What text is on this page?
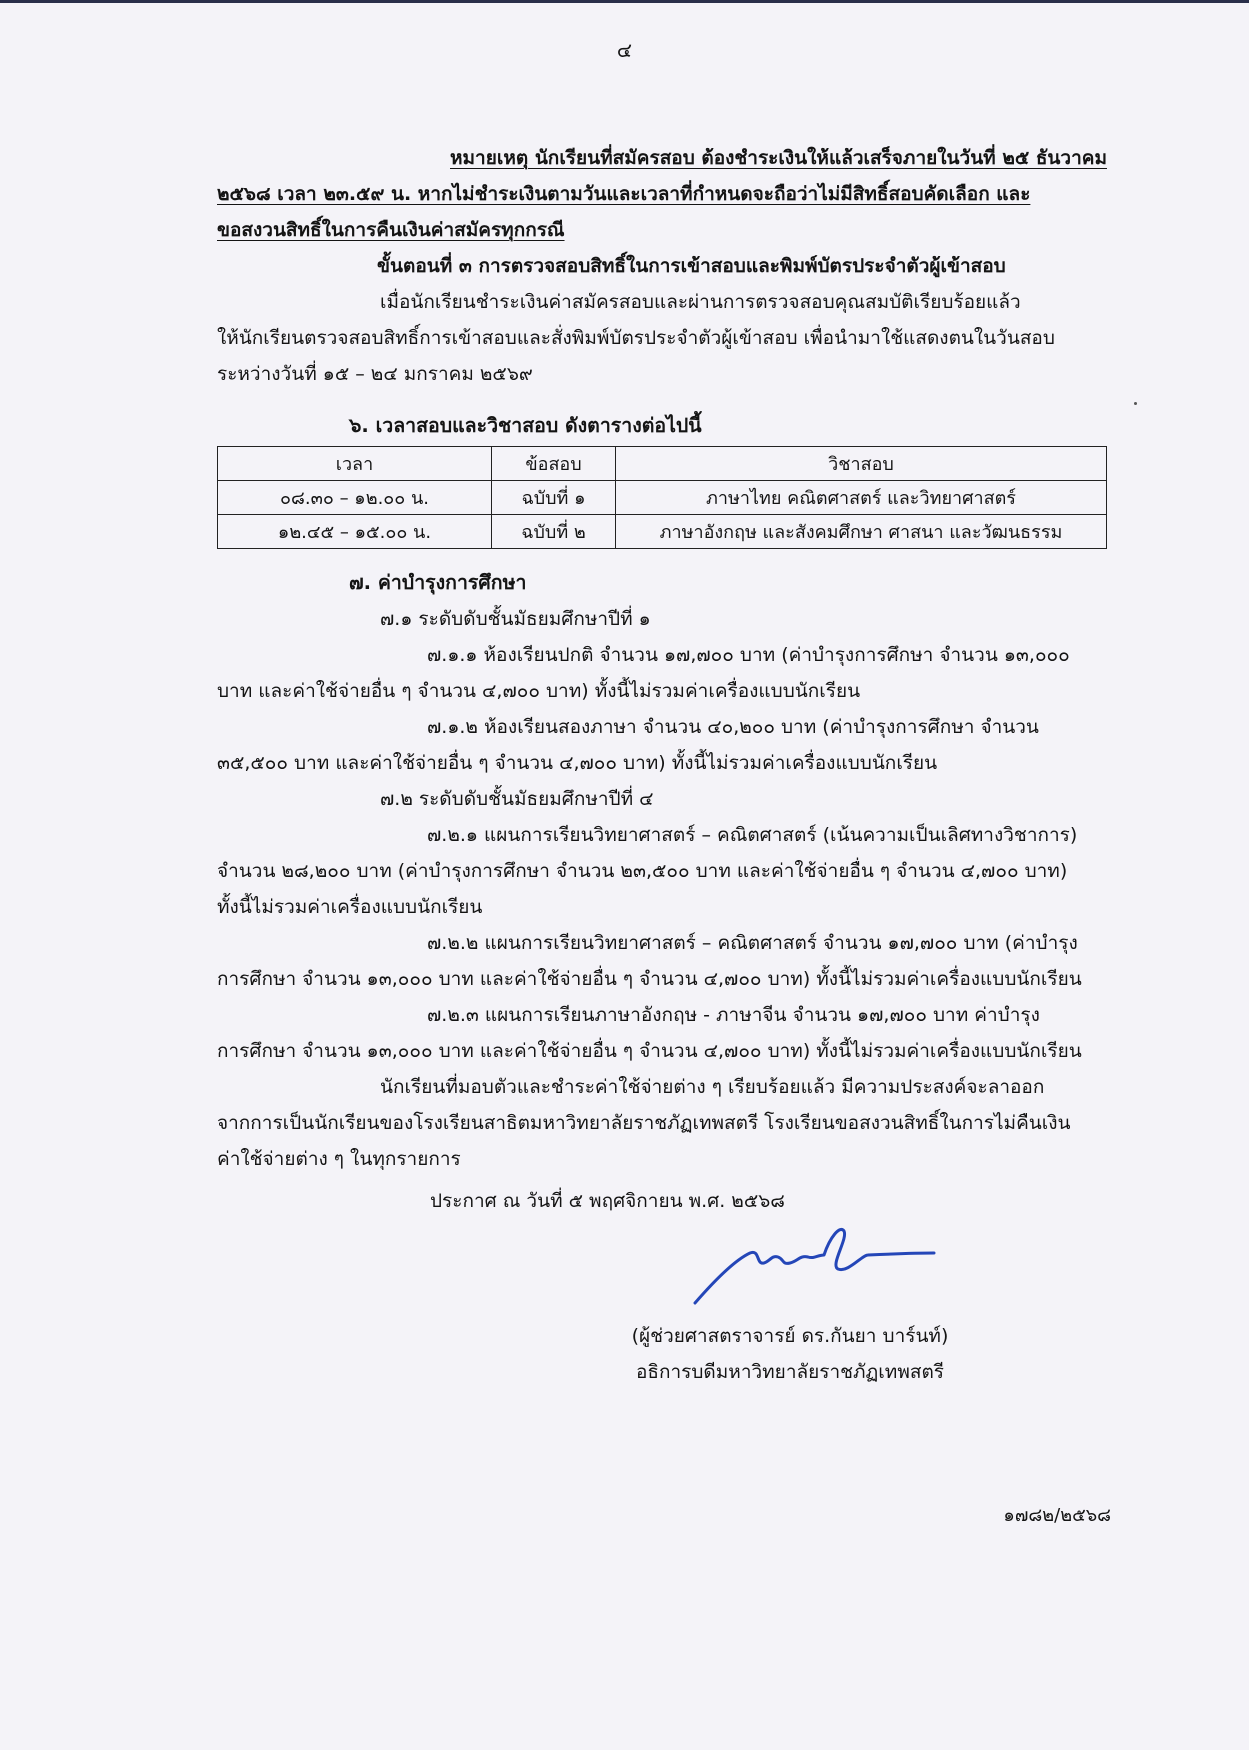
๔
หมายเหตุ นักเรียนที่สมัครสอบ ต้องชำระเงินให้แล้วเสร็จภายในวันที่ ๒๕ ธันวาคม
๒๕๖๘ เวลา ๒๓.๕๙ น. หากไม่ชำระเงินตามวันและเวลาที่กำหนดจะถือว่าไม่มีสิทธิ์สอบคัดเลือก และ
ขอสงวนสิทธิ์ในการคืนเงินค่าสมัครทุกกรณี
ขั้นตอนที่ ๓ การตรวจสอบสิทธิ์ในการเข้าสอบและพิมพ์บัตรประจำตัวผู้เข้าสอบ
เมื่อนักเรียนชำระเงินค่าสมัครสอบและผ่านการตรวจสอบคุณสมบัติเรียบร้อยแล้ว
ให้นักเรียนตรวจสอบสิทธิ์การเข้าสอบและสั่งพิมพ์บัตรประจำตัวผู้เข้าสอบ เพื่อนำมาใช้แสดงตนในวันสอบ
ระหว่างวันที่ ๑๕ – ๒๔ มกราคม ๒๕๖๙
๖. เวลาสอบและวิชาสอบ ดังตารางต่อไปนี้
เวลา	ข้อสอบ	วิชาสอบ
๐๘.๓๐ – ๑๒.๐๐ น.	ฉบับที่ ๑	ภาษาไทย คณิตศาสตร์ และวิทยาศาสตร์
๑๒.๔๕ – ๑๕.๐๐ น.	ฉบับที่ ๒	ภาษาอังกฤษ และสังคมศึกษา ศาสนา และวัฒนธรรม
๗. ค่าบำรุงการศึกษา
๗.๑ ระดับดับชั้นมัธยมศึกษาปีที่ ๑
๗.๑.๑ ห้องเรียนปกติ จำนวน ๑๗,๗๐๐ บาท (ค่าบำรุงการศึกษา จำนวน ๑๓,๐๐๐
บาท และค่าใช้จ่ายอื่น ๆ จำนวน ๔,๗๐๐ บาท) ทั้งนี้ไม่รวมค่าเครื่องแบบนักเรียน
๗.๑.๒ ห้องเรียนสองภาษา จำนวน ๔๐,๒๐๐ บาท (ค่าบำรุงการศึกษา จำนวน
๓๕,๕๐๐ บาท และค่าใช้จ่ายอื่น ๆ จำนวน ๔,๗๐๐ บาท) ทั้งนี้ไม่รวมค่าเครื่องแบบนักเรียน
๗.๒ ระดับดับชั้นมัธยมศึกษาปีที่ ๔
๗.๒.๑ แผนการเรียนวิทยาศาสตร์ – คณิตศาสตร์ (เน้นความเป็นเลิศทางวิชาการ)
จำนวน ๒๘,๒๐๐ บาท (ค่าบำรุงการศึกษา จำนวน ๒๓,๕๐๐ บาท และค่าใช้จ่ายอื่น ๆ จำนวน ๔,๗๐๐ บาท)
ทั้งนี้ไม่รวมค่าเครื่องแบบนักเรียน
๗.๒.๒ แผนการเรียนวิทยาศาสตร์ – คณิตศาสตร์ จำนวน ๑๗,๗๐๐ บาท (ค่าบำรุง
การศึกษา จำนวน ๑๓,๐๐๐ บาท และค่าใช้จ่ายอื่น ๆ จำนวน ๔,๗๐๐ บาท) ทั้งนี้ไม่รวมค่าเครื่องแบบนักเรียน
๗.๒.๓ แผนการเรียนภาษาอังกฤษ - ภาษาจีน จำนวน ๑๗,๗๐๐ บาท ค่าบำรุง
การศึกษา จำนวน ๑๓,๐๐๐ บาท และค่าใช้จ่ายอื่น ๆ จำนวน ๔,๗๐๐ บาท) ทั้งนี้ไม่รวมค่าเครื่องแบบนักเรียน
นักเรียนที่มอบตัวและชำระค่าใช้จ่ายต่าง ๆ เรียบร้อยแล้ว มีความประสงค์จะลาออก
จากการเป็นนักเรียนของโรงเรียนสาธิตมหาวิทยาลัยราชภัฏเทพสตรี โรงเรียนขอสงวนสิทธิ์ในการไม่คืนเงิน
ค่าใช้จ่ายต่าง ๆ ในทุกรายการ
ประกาศ ณ วันที่ ๕ พฤศจิกายน พ.ศ. ๒๕๖๘
(ผู้ช่วยศาสตราจารย์ ดร.กันยา บาร์นท์)
อธิการบดีมหาวิทยาลัยราชภัฏเทพสตรี
๑๗๘๒/๒๕๖๘
